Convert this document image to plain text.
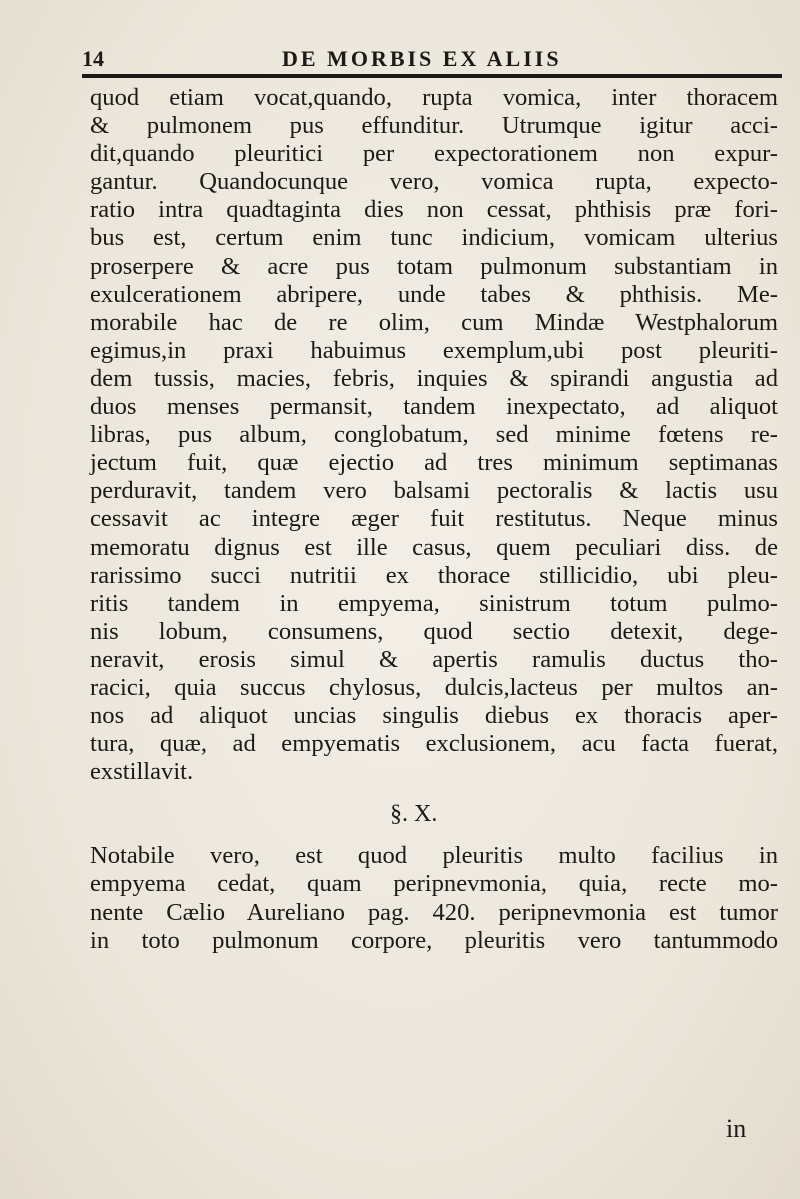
14	DE MORBIS EX ALIIS
quod etiam vocat,quando, rupta vomica, inter thoracem
& pulmonem pus effunditur. Utrumque igitur acci-
dit,quando pleuritici per expectorationem non expur-
gantur. Quandocunque vero, vomica rupta, expecto-
ratio intra quadtaginta dies non cessat, phthisis præ fori-
bus est, certum enim tunc indicium, vomicam ulterius
proserpere & acre pus totam pulmonum substantiam in
exulcerationem abripere, unde tabes & phthisis. Me-
morabile hac de re olim, cum Mindæ Westphalorum
egimus,in praxi habuimus exemplum,ubi post pleuriti-
dem tussis, macies, febris, inquies & spirandi angustia ad
duos menses permansit, tandem inexpectato, ad aliquot
libras, pus album, conglobatum, sed minime fœtens re-
jectum fuit, quæ ejectio ad tres minimum septimanas
perduravit, tandem vero balsami pectoralis & lactis usu
cessavit ac integre æger fuit restitutus. Neque minus
memoratu dignus est ille casus, quem peculiari diss. de
rarissimo succi nutritii ex thorace stillicidio, ubi pleu-
ritis tandem in empyema, sinistrum totum pulmo-
nis lobum, consumens, quod sectio detexit, dege-
neravit, erosis simul & apertis ramulis ductus tho-
racici, quia succus chylosus, dulcis,lacteus per multos an-
nos ad aliquot uncias singulis diebus ex thoracis aper-
tura, quæ, ad empyematis exclusionem, acu facta fuerat,
exstillavit.
§. X.
Notabile vero, est quod pleuritis multo facilius in
empyema cedat, quam peripnevmonia, quia, recte mo-
nente Cælio Aureliano pag. 420. peripnevmonia est tumor
in toto pulmonum corpore, pleuritis vero tantummodo
in
